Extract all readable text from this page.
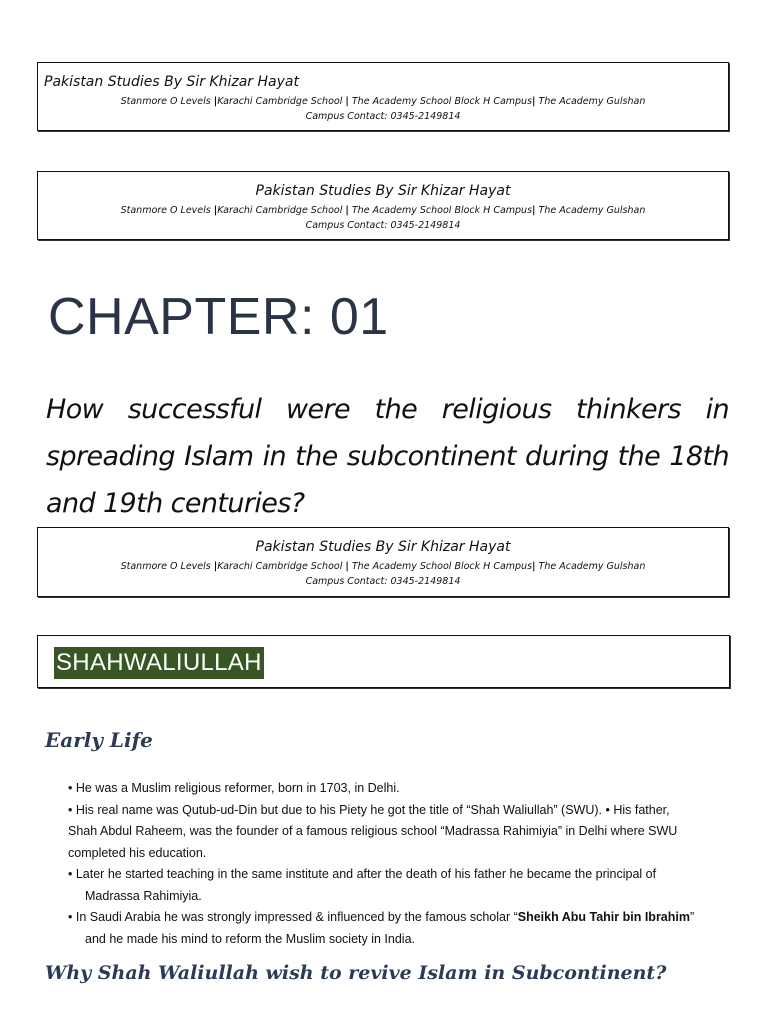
Pakistan Studies By Sir Khizar Hayat
Stanmore O Levels |Karachi Cambridge School | The Academy School Block H Campus| The Academy Gulshan
Campus Contact: 0345-2149814
Pakistan Studies By Sir Khizar Hayat
Stanmore O Levels |Karachi Cambridge School | The Academy School Block H Campus| The Academy Gulshan
Campus Contact: 0345-2149814
CHAPTER: 01
How successful were the religious thinkers in spreading Islam in the subcontinent during the 18th and 19th centuries?
Pakistan Studies By Sir Khizar Hayat
Stanmore O Levels |Karachi Cambridge School | The Academy School Block H Campus| The Academy Gulshan
Campus Contact: 0345-2149814
SHAHWALIULLAH
Early Life
• He was a Muslim religious reformer, born in 1703, in Delhi.
• His real name was Qutub-ud-Din but due to his Piety he got the title of “Shah Waliullah” (SWU). • His father,
Shah Abdul Raheem, was the founder of a famous religious school “Madrassa Rahimiyia” in Delhi where SWU
completed his education.
• Later he started teaching in the same institute and after the death of his father he became the principal of
Madrassa Rahimiyia.
• In Saudi Arabia he was strongly impressed & influenced by the famous scholar “Sheikh Abu Tahir bin Ibrahim”
and he made his mind to reform the Muslim society in India.
Why Shah Waliullah wish to revive Islam in Subcontinent?
